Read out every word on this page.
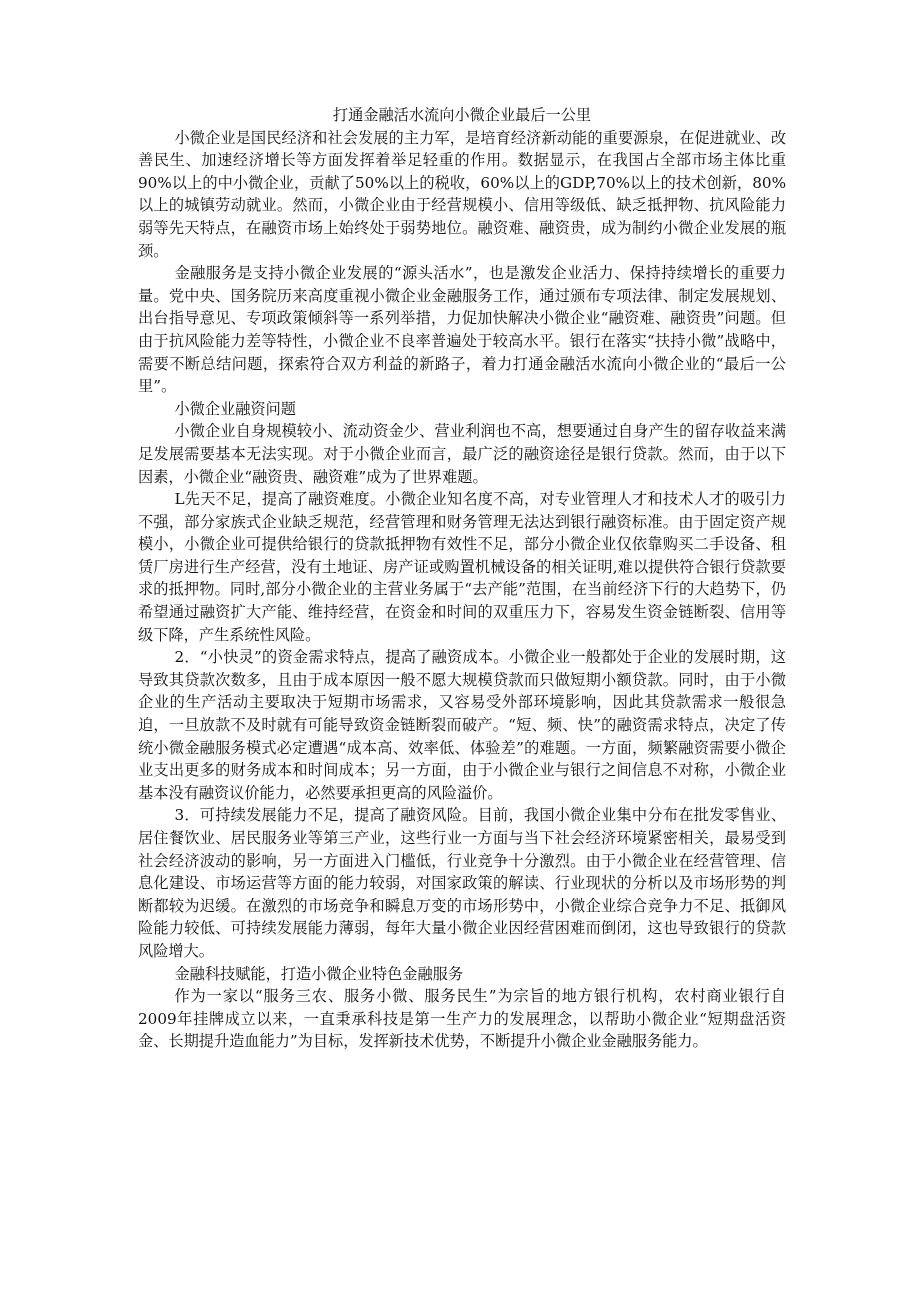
打通金融活水流向小微企业最后一公里

小微企业是国民经济和社会发展的主力军，是培育经济新动能的重要源泉，在促进就业、改善民生、加速经济增长等方面发挥着举足轻重的作用。数据显示，在我国占全部市场主体比重90%以上的中小微企业，贡献了50%以上的税收，60%以上的GDP,70%以上的技术创新，80%以上的城镇劳动就业。然而，小微企业由于经营规模小、信用等级低、缺乏抵押物、抗风险能力弱等先天特点，在融资市场上始终处于弱势地位。融资难、融资贵，成为制约小微企业发展的瓶颈。

金融服务是支持小微企业发展的“源头活水”，也是激发企业活力、保持持续增长的重要力量。党中央、国务院历来高度重视小微企业金融服务工作，通过颁布专项法律、制定发展规划、出台指导意见、专项政策倾斜等一系列举措，力促加快解决小微企业“融资难、融资贵”问题。但由于抗风险能力差等特性，小微企业不良率普遍处于较高水平。银行在落实“扶持小微”战略中，需要不断总结问题，探索符合双方利益的新路子，着力打通金融活水流向小微企业的“最后一公里”。

小微企业融资问题

小微企业自身规模较小、流动资金少、营业利润也不高，想要通过自身产生的留存收益来满足发展需要基本无法实现。对于小微企业而言，最广泛的融资途径是银行贷款。然而，由于以下因素，小微企业“融资贵、融资难”成为了世界难题。

L先天不足，提高了融资难度。小微企业知名度不高，对专业管理人才和技术人才的吸引力不强，部分家族式企业缺乏规范，经营管理和财务管理无法达到银行融资标准。由于固定资产规模小，小微企业可提供给银行的贷款抵押物有效性不足，部分小微企业仅依靠购买二手设备、租赁厂房进行生产经营，没有土地证、房产证或购置机械设备的相关证明,难以提供符合银行贷款要求的抵押物。同时,部分小微企业的主营业务属于“去产能”范围，在当前经济下行的大趋势下，仍希望通过融资扩大产能、维持经营，在资金和时间的双重压力下，容易发生资金链断裂、信用等级下降，产生系统性风险。

2．“小快灵”的资金需求特点，提高了融资成本。小微企业一般都处于企业的发展时期，这导致其贷款次数多，且由于成本原因一般不愿大规模贷款而只做短期小额贷款。同时，由于小微企业的生产活动主要取决于短期市场需求，又容易受外部环境影响，因此其贷款需求一般很急迫，一旦放款不及时就有可能导致资金链断裂而破产。“短、频、快”的融资需求特点，决定了传统小微金融服务模式必定遭遇“成本高、效率低、体验差”的难题。一方面，频繁融资需要小微企业支出更多的财务成本和时间成本；另一方面，由于小微企业与银行之间信息不对称，小微企业基本没有融资议价能力，必然要承担更高的风险溢价。

3．可持续发展能力不足，提高了融资风险。目前，我国小微企业集中分布在批发零售业、居住餐饮业、居民服务业等第三产业，这些行业一方面与当下社会经济环境紧密相关，最易受到社会经济波动的影响，另一方面进入门槛低，行业竞争十分激烈。由于小微企业在经营管理、信息化建设、市场运营等方面的能力较弱，对国家政策的解读、行业现状的分析以及市场形势的判断都较为迟缓。在激烈的市场竞争和瞬息万变的市场形势中，小微企业综合竞争力不足、抵御风险能力较低、可持续发展能力薄弱，每年大量小微企业因经营困难而倒闭，这也导致银行的贷款风险增大。

金融科技赋能，打造小微企业特色金融服务

作为一家以“服务三农、服务小微、服务民生”为宗旨的地方银行机构，农村商业银行自2009年挂牌成立以来，一直秉承科技是第一生产力的发展理念，以帮助小微企业“短期盘活资金、长期提升造血能力”为目标，发挥新技术优势，不断提升小微企业金融服务能力。
